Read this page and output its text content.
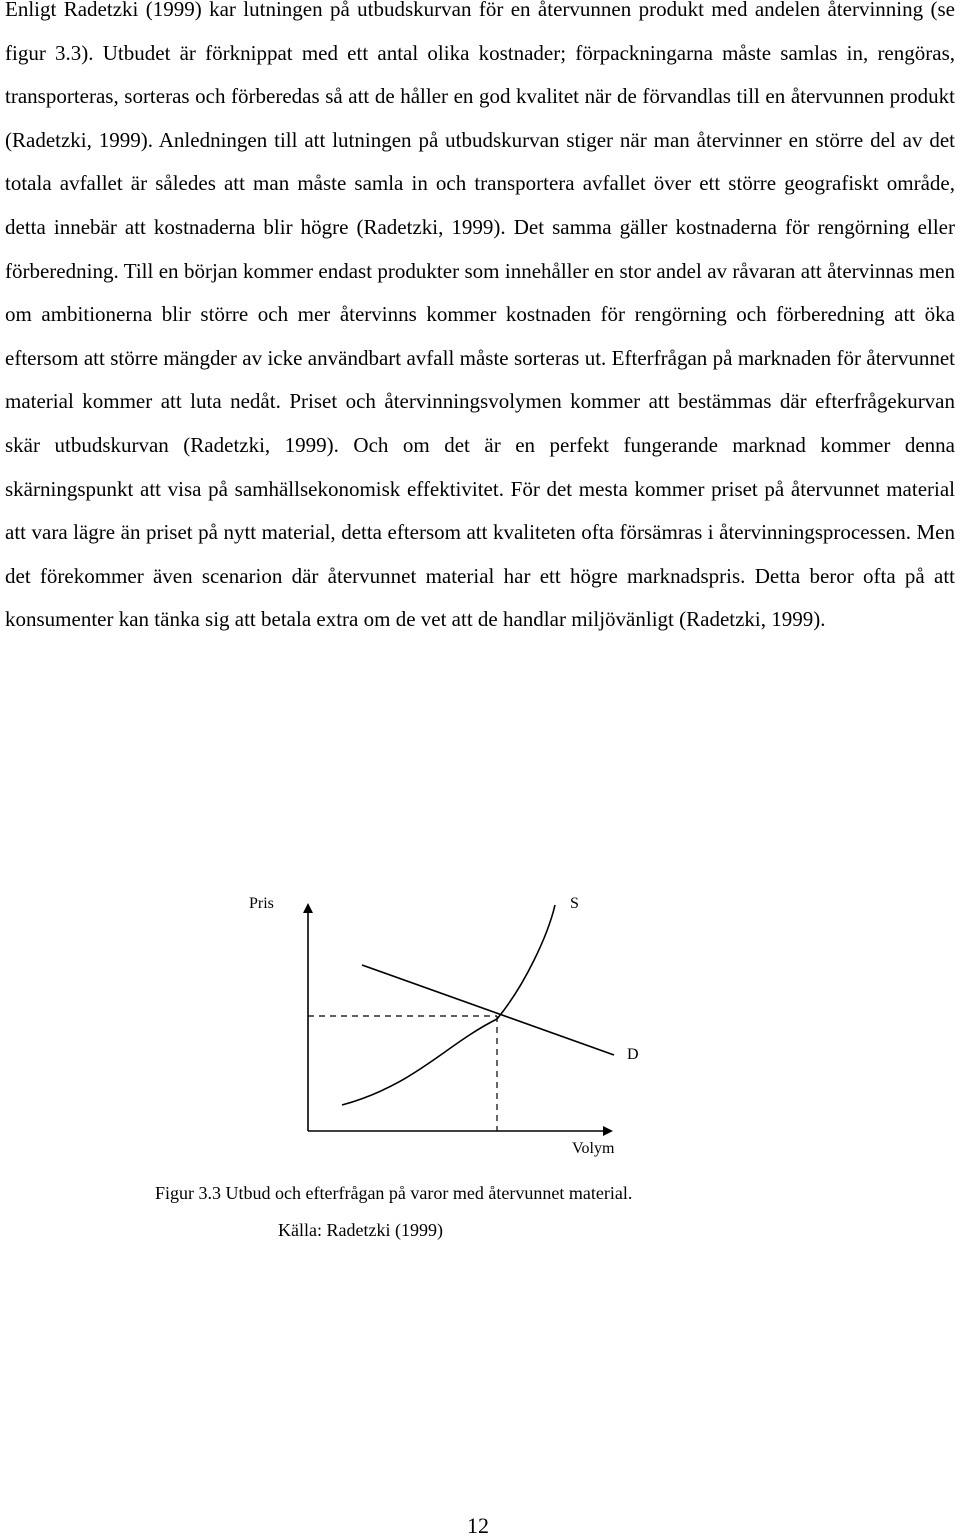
Enligt Radetzki (1999) kar lutningen på utbudskurvan för en återvunnen produkt med andelen återvinning (se figur 3.3). Utbudet är förknippat med ett antal olika kostnader; förpackningarna måste samlas in, rengöras, transporteras, sorteras och förberedas så att de håller en god kvalitet när de förvandlas till en återvunnen produkt (Radetzki, 1999). Anledningen till att lutningen på utbudskurvan stiger när man återvinner en större del av det totala avfallet är således att man måste samla in och transportera avfallet över ett större geografiskt område, detta innebär att kostnaderna blir högre (Radetzki, 1999). Det samma gäller kostnaderna för rengörning eller förberedning. Till en början kommer endast produkter som innehåller en stor andel av råvaran att återvinnas men om ambitionerna blir större och mer återvinns kommer kostnaden för rengörning och förberedning att öka eftersom att större mängder av icke användbart avfall måste sorteras ut. Efterfrågan på marknaden för återvunnet material kommer att luta nedåt. Priset och återvinningsvolymen kommer att bestämmas där efterfrågekurvan skär utbudskurvan (Radetzki, 1999). Och om det är en perfekt fungerande marknad kommer denna skärningspunkt att visa på samhällsekonomisk effektivitet. För det mesta kommer priset på återvunnet material att vara lägre än priset på nytt material, detta eftersom att kvaliteten ofta försämras i återvinningsprocessen. Men det förekommer även scenarion där återvunnet material har ett högre marknadspris. Detta beror ofta på att konsumenter kan tänka sig att betala extra om de vet att de handlar miljövänligt (Radetzki, 1999).

Pris	S
D
Volym

Figur 3.3 Utbud och efterfrågan på varor med återvunnet material.

Källa: Radetzki (1999)

12
